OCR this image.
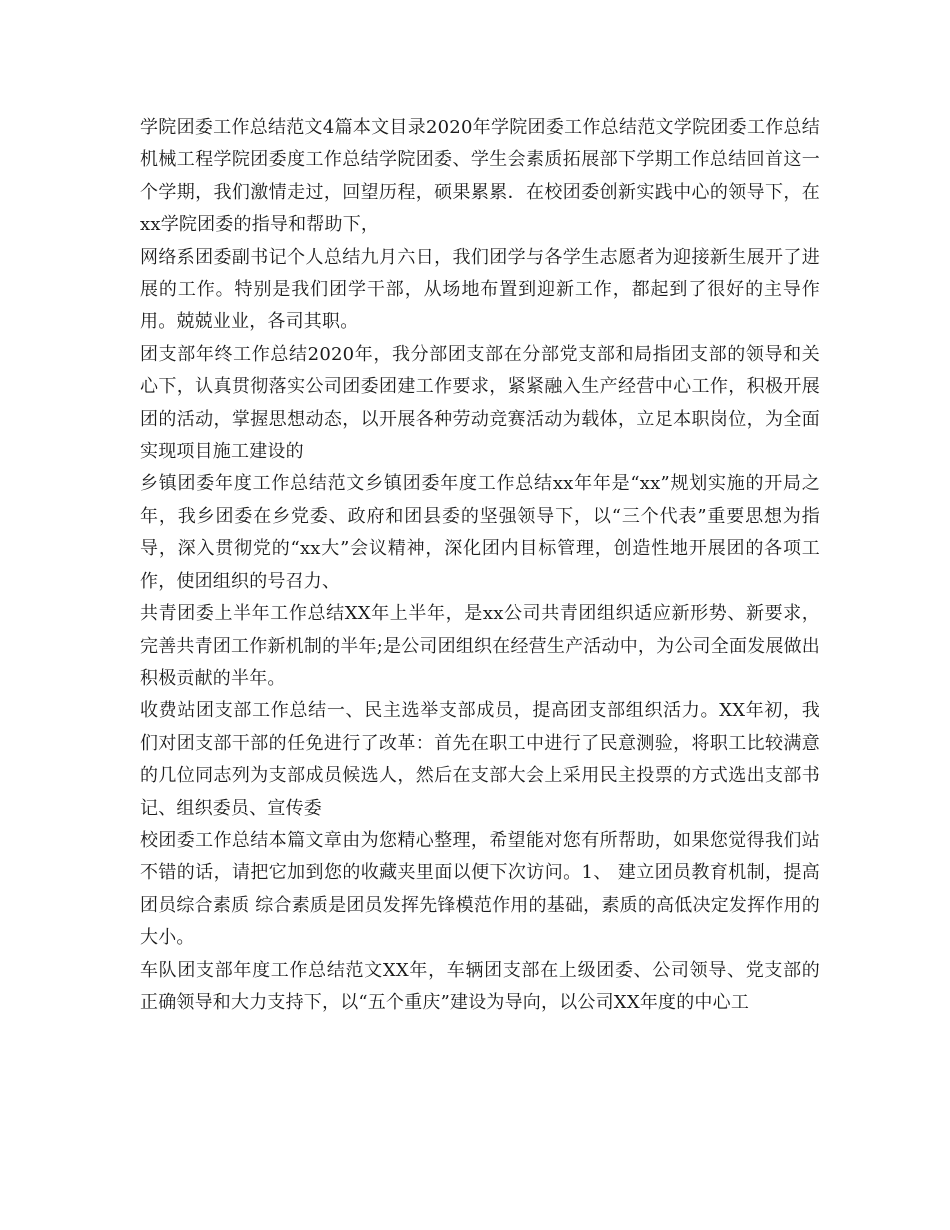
学院团委工作总结范文4篇本文目录2020年学院团委工作总结范文学院团委工作总结机械工程学院团委度工作总结学院团委、学生会素质拓展部下学期工作总结回首这一个学期，我们激情走过，回望历程，硕果累累．在校团委创新实践中心的领导下，在xx学院团委的指导和帮助下，

网络系团委副书记个人总结九月六日，我们团学与各学生志愿者为迎接新生展开了进展的工作。特别是我们团学干部，从场地布置到迎新工作，都起到了很好的主导作用。兢兢业业，各司其职。

团支部年终工作总结2020年，我分部团支部在分部党支部和局指团支部的领导和关心下，认真贯彻落实公司团委团建工作要求，紧紧融入生产经营中心工作，积极开展团的活动，掌握思想动态，以开展各种劳动竞赛活动为载体，立足本职岗位，为全面实现项目施工建设的

乡镇团委年度工作总结范文乡镇团委年度工作总结xx年年是“xx”规划实施的开局之年，我乡团委在乡党委、政府和团县委的坚强领导下，以“三个代表”重要思想为指导，深入贯彻党的“xx大”会议精神，深化团内目标管理，创造性地开展团的各项工作，使团组织的号召力、

共青团委上半年工作总结XX年上半年，是xx公司共青团组织适应新形势、新要求，完善共青团工作新机制的半年;是公司团组织在经营生产活动中，为公司全面发展做出积极贡献的半年。

收费站团支部工作总结一、民主选举支部成员，提高团支部组织活力。XX年初，我们对团支部干部的任免进行了改革：首先在职工中进行了民意测验，将职工比较满意的几位同志列为支部成员候选人，然后在支部大会上采用民主投票的方式选出支部书记、组织委员、宣传委

校团委工作总结本篇文章由为您精心整理，希望能对您有所帮助，如果您觉得我们站不错的话，请把它加到您的收藏夹里面以便下次访问。1、 建立团员教育机制，提高团员综合素质 综合素质是团员发挥先锋模范作用的基础，素质的高低决定发挥作用的大小。

车队团支部年度工作总结范文XX年，车辆团支部在上级团委、公司领导、党支部的正确领导和大力支持下，以“五个重庆”建设为导向，以公司XX年度的中心工
